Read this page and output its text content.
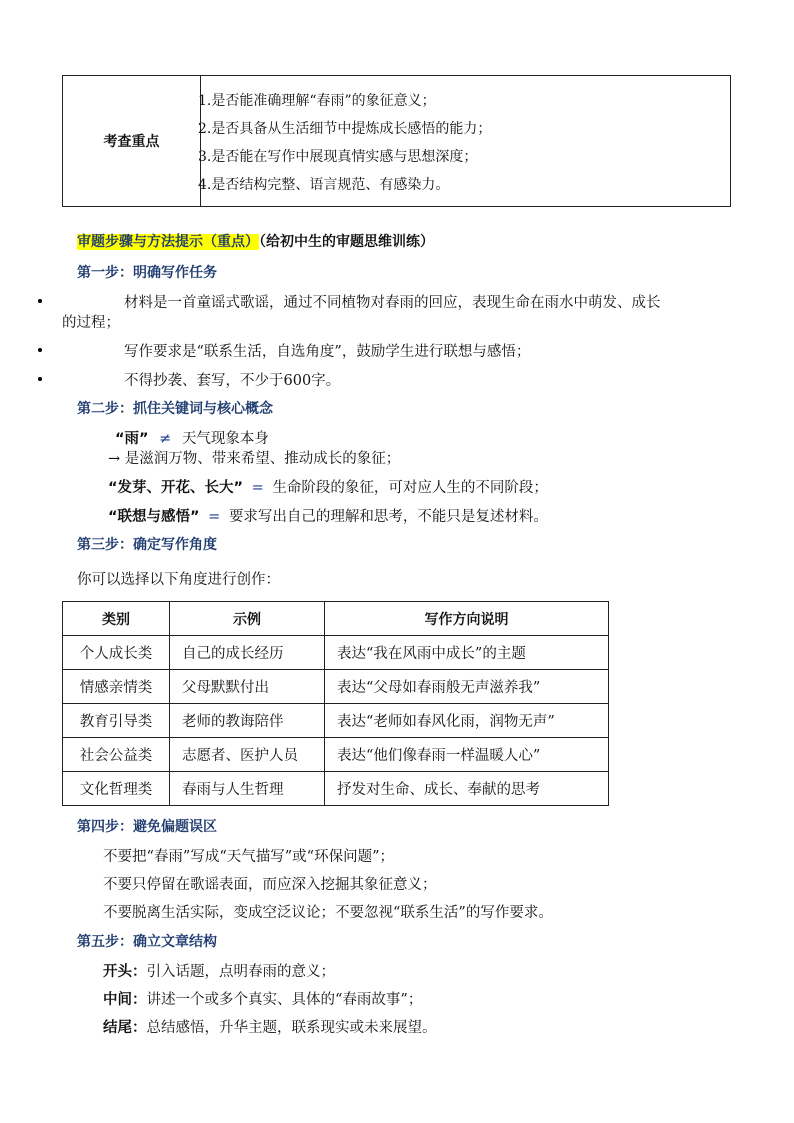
考查重点
1.是否能准确理解“春雨”的象征意义；
2.是否具备从生活细节中提炼成长感悟的能力；
3.是否能在写作中展现真情实感与思想深度；
4.是否结构完整、语言规范、有感染力。
审题步骤与方法提示（重点）（给初中生的审题思维训练）
第一步：明确写作任务
材料是一首童谣式歌谣，通过不同植物对春雨的回应，表现生命在雨水中萌发、成长
的过程；
写作要求是“联系生活，自选角度”，鼓励学生进行联想与感悟；
不得抄袭、套写，不少于600字。
第二步：抓住关键词与核心概念
“雨” ≠ 天气现象本身
→ 是滋润万物、带来希望、推动成长的象征；
“发芽、开花、长大” = 生命阶段的象征，可对应人生的不同阶段；
“联想与感悟” = 要求写出自己的理解和思考，不能只是复述材料。
第三步：确定写作角度
你可以选择以下角度进行创作：
类别	示例	写作方向说明
个人成长类	自己的成长经历	表达“我在风雨中成长”的主题
情感亲情类	父母默默付出	表达“父母如春雨般无声滋养我”
教育引导类	老师的教诲陪伴	表达“老师如春风化雨，润物无声”
社会公益类	志愿者、医护人员	表达“他们像春雨一样温暖人心”
文化哲理类	春雨与人生哲理	抒发对生命、成长、奉献的思考
第四步：避免偏题误区
不要把“春雨”写成“天气描写”或“环保问题”；
不要只停留在歌谣表面，而应深入挖掘其象征意义；
不要脱离生活实际，变成空泛议论；不要忽视“联系生活”的写作要求。
第五步：确立文章结构
开头：引入话题，点明春雨的意义；
中间：讲述一个或多个真实、具体的“春雨故事”；
结尾：总结感悟，升华主题，联系现实或未来展望。
